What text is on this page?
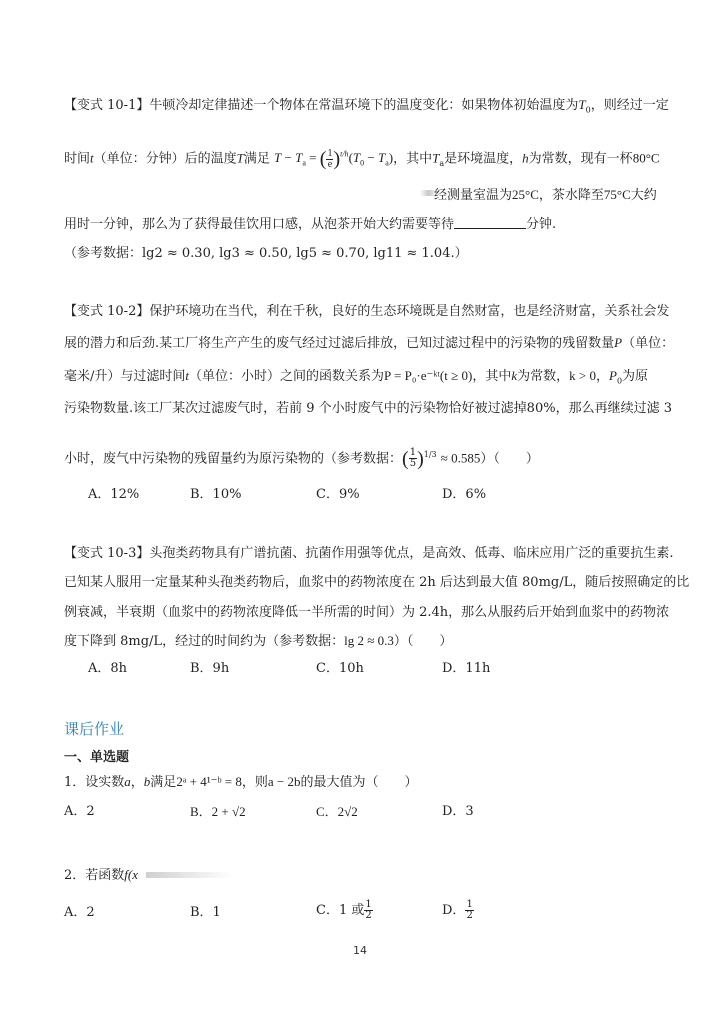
【变式 10-1】牛顿冷却定律描述一个物体在常温环境下的温度变化：如果物体初始温度为$T_0$，则经过一定
时间t（单位：分钟）后的温度T满足 $T - T_a$ = ( $\frac{1}{e} )^{t/h}(T_0 - T_a)$，其中$T_a$是环境温度，h为常数，现有一杯80°C
经测量室温为25°C，茶水降至75°C大约
用时一分钟，那么为了获得最佳饮用口感，从泡茶开始大约需要等待	分钟.
（参考数据：lg2 ≈ 0.30, lg3 ≈ 0.50, lg5 ≈ 0.70, lg11 ≈ 1.04.）
【变式 10-2】保护环境功在当代，利在千秋，良好的生态环境既是自然财富，也是经济财富，关系社会发
展的潜力和后劲.某工厂将生产产生的废气经过过滤后排放，已知过滤过程中的污染物的残留数量P（单位：
毫米/升）与过滤时间t（单位：小时）之间的函数关系为P = P₀·e⁻ᵏᵗ(t ≥ 0)，其中k为常数，k > 0，$P_0$为原
污染物数量.该工厂某次过滤废气时，若前 9 个小时废气中的污染物恰好被过滤掉80%，那么再继续过滤 3
小时，废气中污染物的残留量约为原污染物的（参考数据：( $\frac{1}{5} )^{1/3} \approx 0.585$）（　　）
A．12%	B．10%	C．9%	D．6%
【变式 10-3】头孢类药物具有广谱抗菌、抗菌作用强等优点，是高效、低毒、临床应用广泛的重要抗生素.
已知某人服用一定量某种头孢类药物后，血浆中的药物浓度在 2h 后达到最大值 80mg/L，随后按照确定的比
例衰减，半衰期（血浆中的药物浓度降低一半所需的时间）为 2.4h，那么从服药后开始到血浆中的药物浓
度下降到 8mg/L，经过的时间约为（参考数据：lg 2 ≈ 0.3）（　　）
A．8h	B．9h	C．10h	D．11h
课后作业
一、单选题
1．设实数a，b满足2ᵃ + 4¹⁻ᵇ = 8，则a − 2b的最大值为（　　）
A．2	B．2 + √2	C．2√2	D．3
2．若函数f(x
A．2	B．1	C．1 或 $\frac{1}{2}$	D． $\frac{1}{2}$
14
